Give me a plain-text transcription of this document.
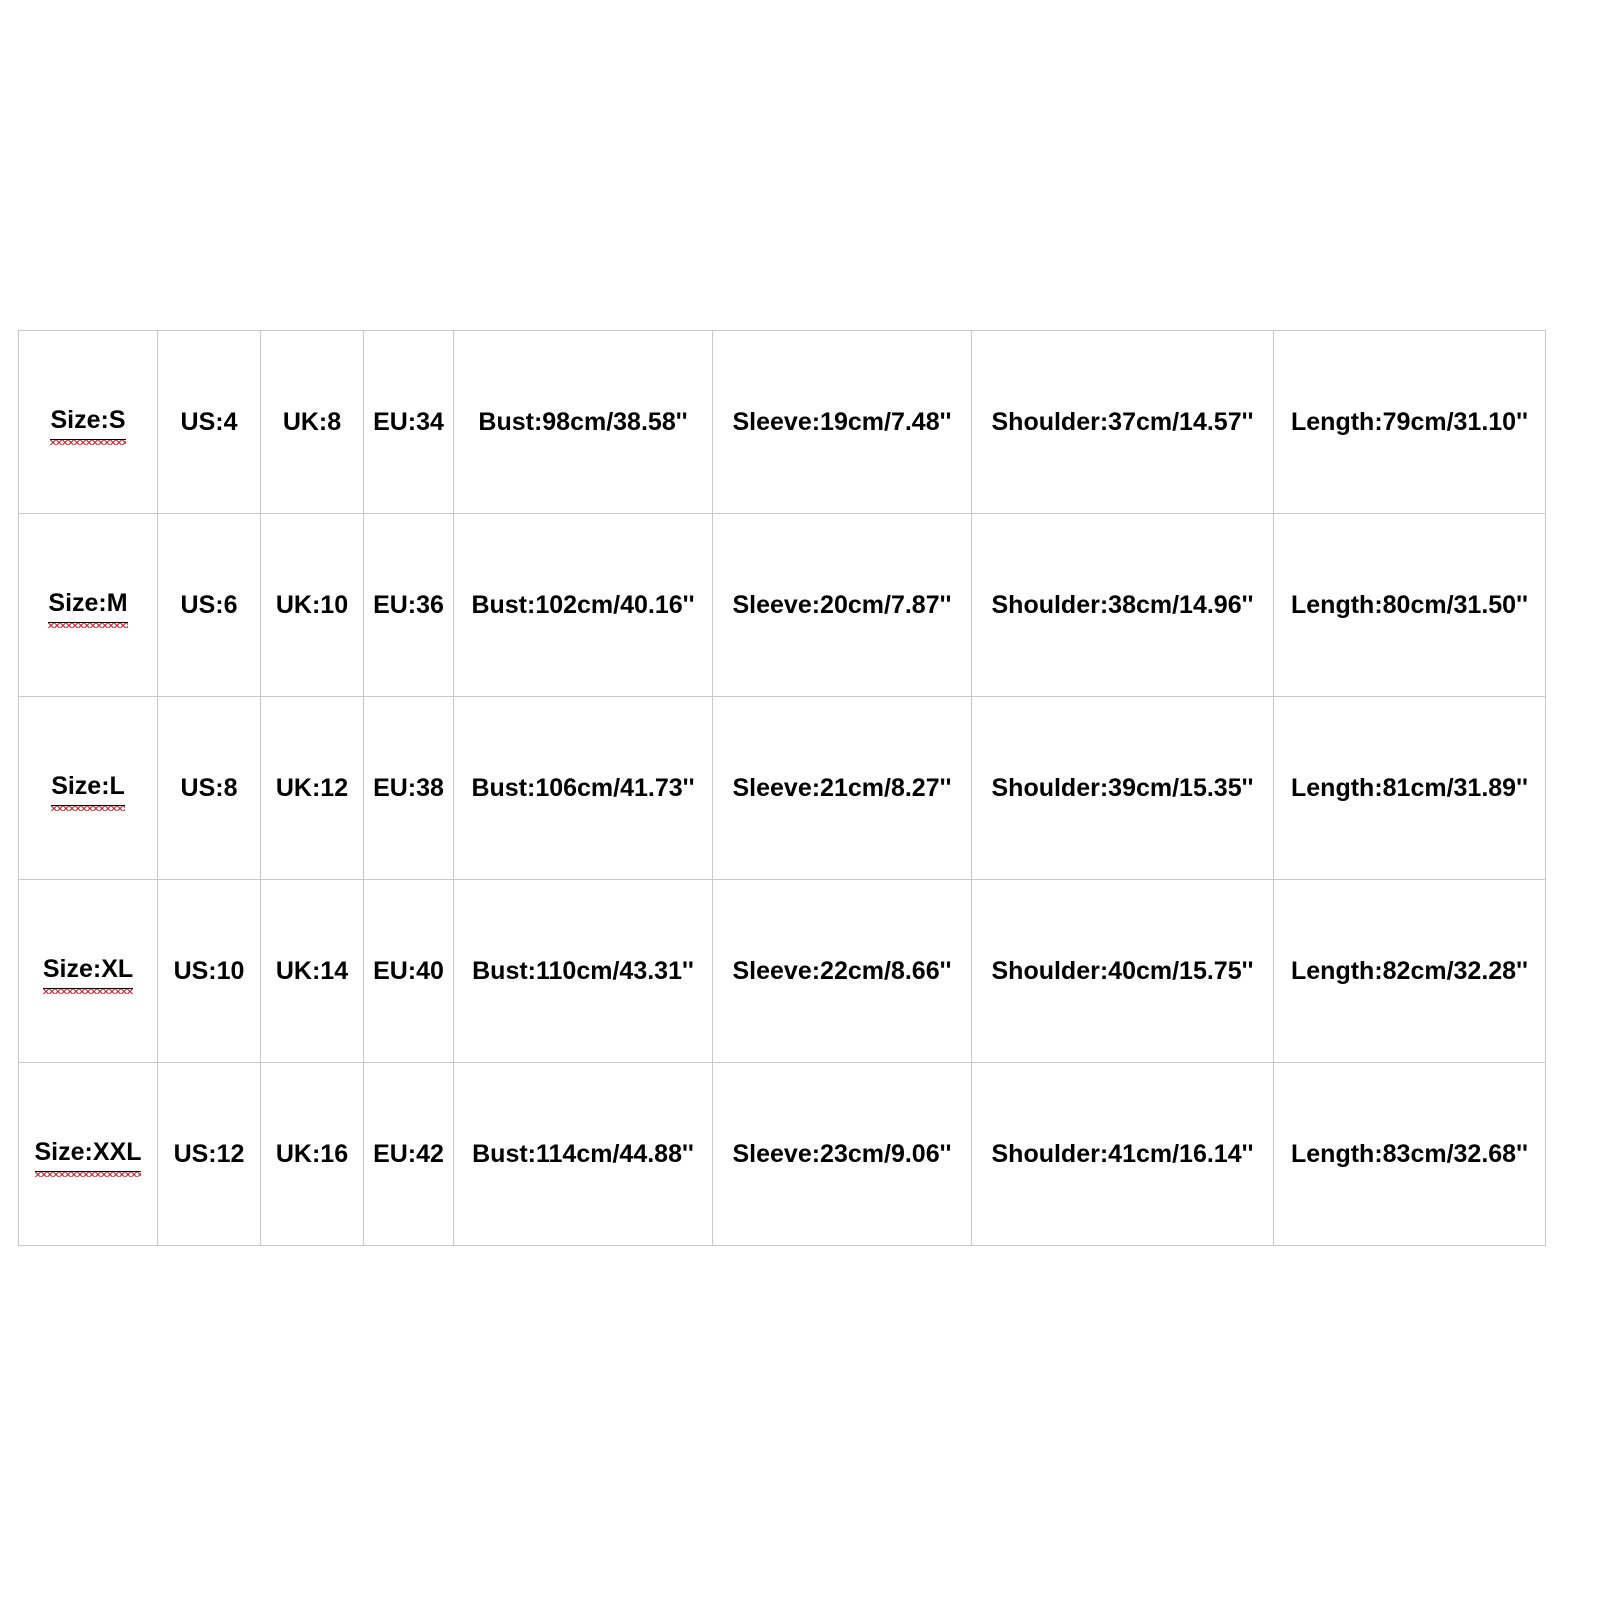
Size:S	US:4	UK:8	EU:34	Bust:98cm/38.58''	Sleeve:19cm/7.48''	Shoulder:37cm/14.57''	Length:79cm/31.10''
Size:M	US:6	UK:10	EU:36	Bust:102cm/40.16''	Sleeve:20cm/7.87''	Shoulder:38cm/14.96''	Length:80cm/31.50''
Size:L	US:8	UK:12	EU:38	Bust:106cm/41.73''	Sleeve:21cm/8.27''	Shoulder:39cm/15.35''	Length:81cm/31.89''
Size:XL	US:10	UK:14	EU:40	Bust:110cm/43.31''	Sleeve:22cm/8.66''	Shoulder:40cm/15.75''	Length:82cm/32.28''
Size:XXL	US:12	UK:16	EU:42	Bust:114cm/44.88''	Sleeve:23cm/9.06''	Shoulder:41cm/16.14''	Length:83cm/32.68''
